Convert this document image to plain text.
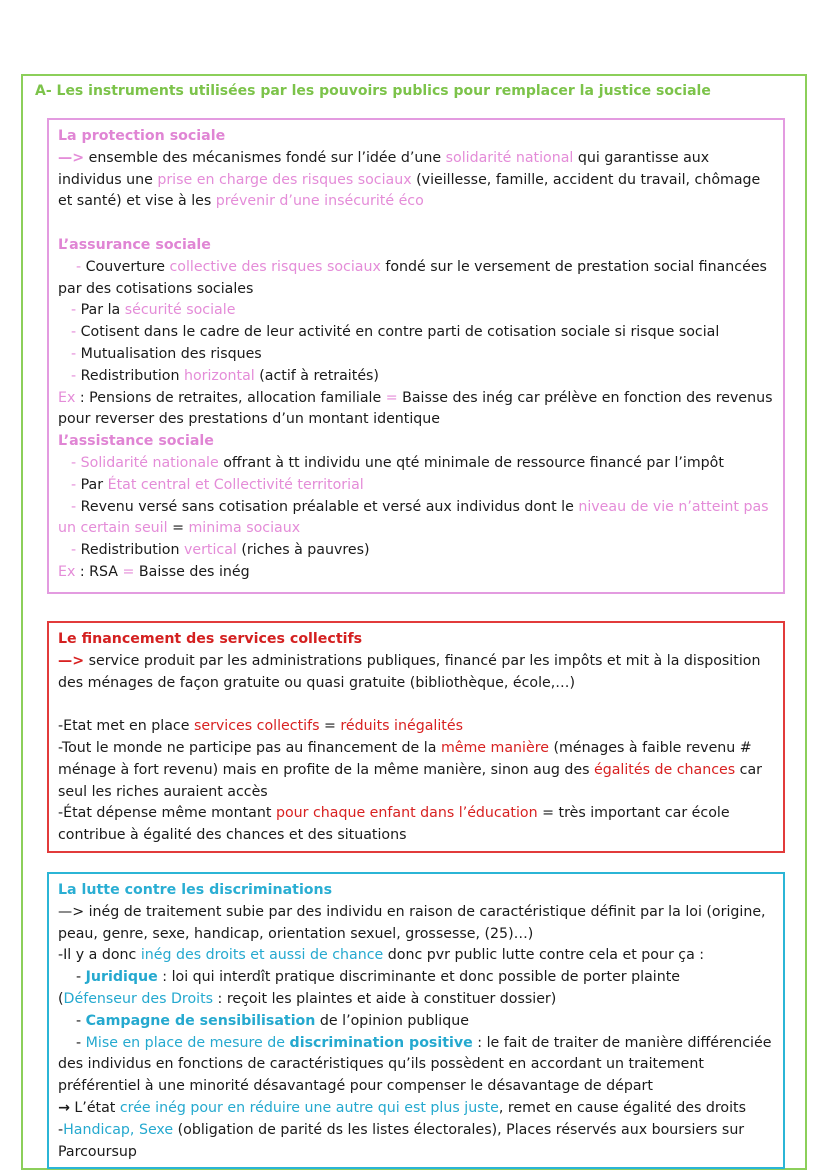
A- Les instruments utilisées par les pouvoirs publics pour remplacer la justice sociale

La protection sociale

—> ensemble des mécanismes fondé sur l’idée d’une solidarité national qui garantisse aux individus une prise en charge des risques sociaux (vieillesse, famille, accident du travail, chômage et santé) et vise à les prévenir d’une insécurité éco

L’assurance sociale

- Couverture collective des risques sociaux fondé sur le versement de prestation social financées par des cotisations sociales

- Par la sécurité sociale

- Cotisent dans le cadre de leur activité en contre parti de cotisation sociale si risque social

- Mutualisation des risques

- Redistribution horizontal (actif à retraités)

Ex : Pensions de retraites, allocation familiale = Baisse des inég car prélève en fonction des revenus pour reverser des prestations d’un montant identique

L’assistance sociale

- Solidarité nationale offrant à tt individu une qté minimale de ressource financé par l’impôt

- Par État central et Collectivité territorial

- Revenu versé sans cotisation préalable et versé aux individus dont le niveau de vie n’atteint pas un certain seuil = minima sociaux

- Redistribution vertical (riches à pauvres)

Ex : RSA = Baisse des inég

Le financement des services collectifs

—> service produit par les administrations publiques, financé par les impôts et mit à la disposition des ménages de façon gratuite ou quasi gratuite (bibliothèque, école,…)

-Etat met en place services collectifs = réduits inégalités

-Tout le monde ne participe pas au financement de la même manière (ménages à faible revenu # ménage à fort revenu) mais en profite de la même manière, sinon aug des égalités de chances car seul les riches auraient accès

-État dépense même montant pour chaque enfant dans l’éducation = très important car école contribue à égalité des chances et des situations

La lutte contre les discriminations

—> inég de traitement subie par des individu en raison de caractéristique définit par la loi (origine, peau, genre, sexe, handicap, orientation sexuel, grossesse, (25)…)

-Il y a donc inég des droits et aussi de chance donc pvr public lutte contre cela et pour ça :

- Juridique : loi qui interdît pratique discriminante et donc possible de porter plainte

(Défenseur des Droits : reçoit les plaintes et aide à constituer dossier)

- Campagne de sensibilisation de l’opinion publique

- Mise en place de mesure de discrimination positive : le fait de traiter de manière différenciée des individus en fonctions de caractéristiques qu’ils possèdent en accordant un traitement préférentiel à une minorité désavantagé pour compenser le désavantage de départ

→ L’état crée inég pour en réduire une autre qui est plus juste, remet en cause égalité des droits

-Handicap, Sexe (obligation de parité ds les listes électorales), Places réservés aux boursiers sur Parcoursup
